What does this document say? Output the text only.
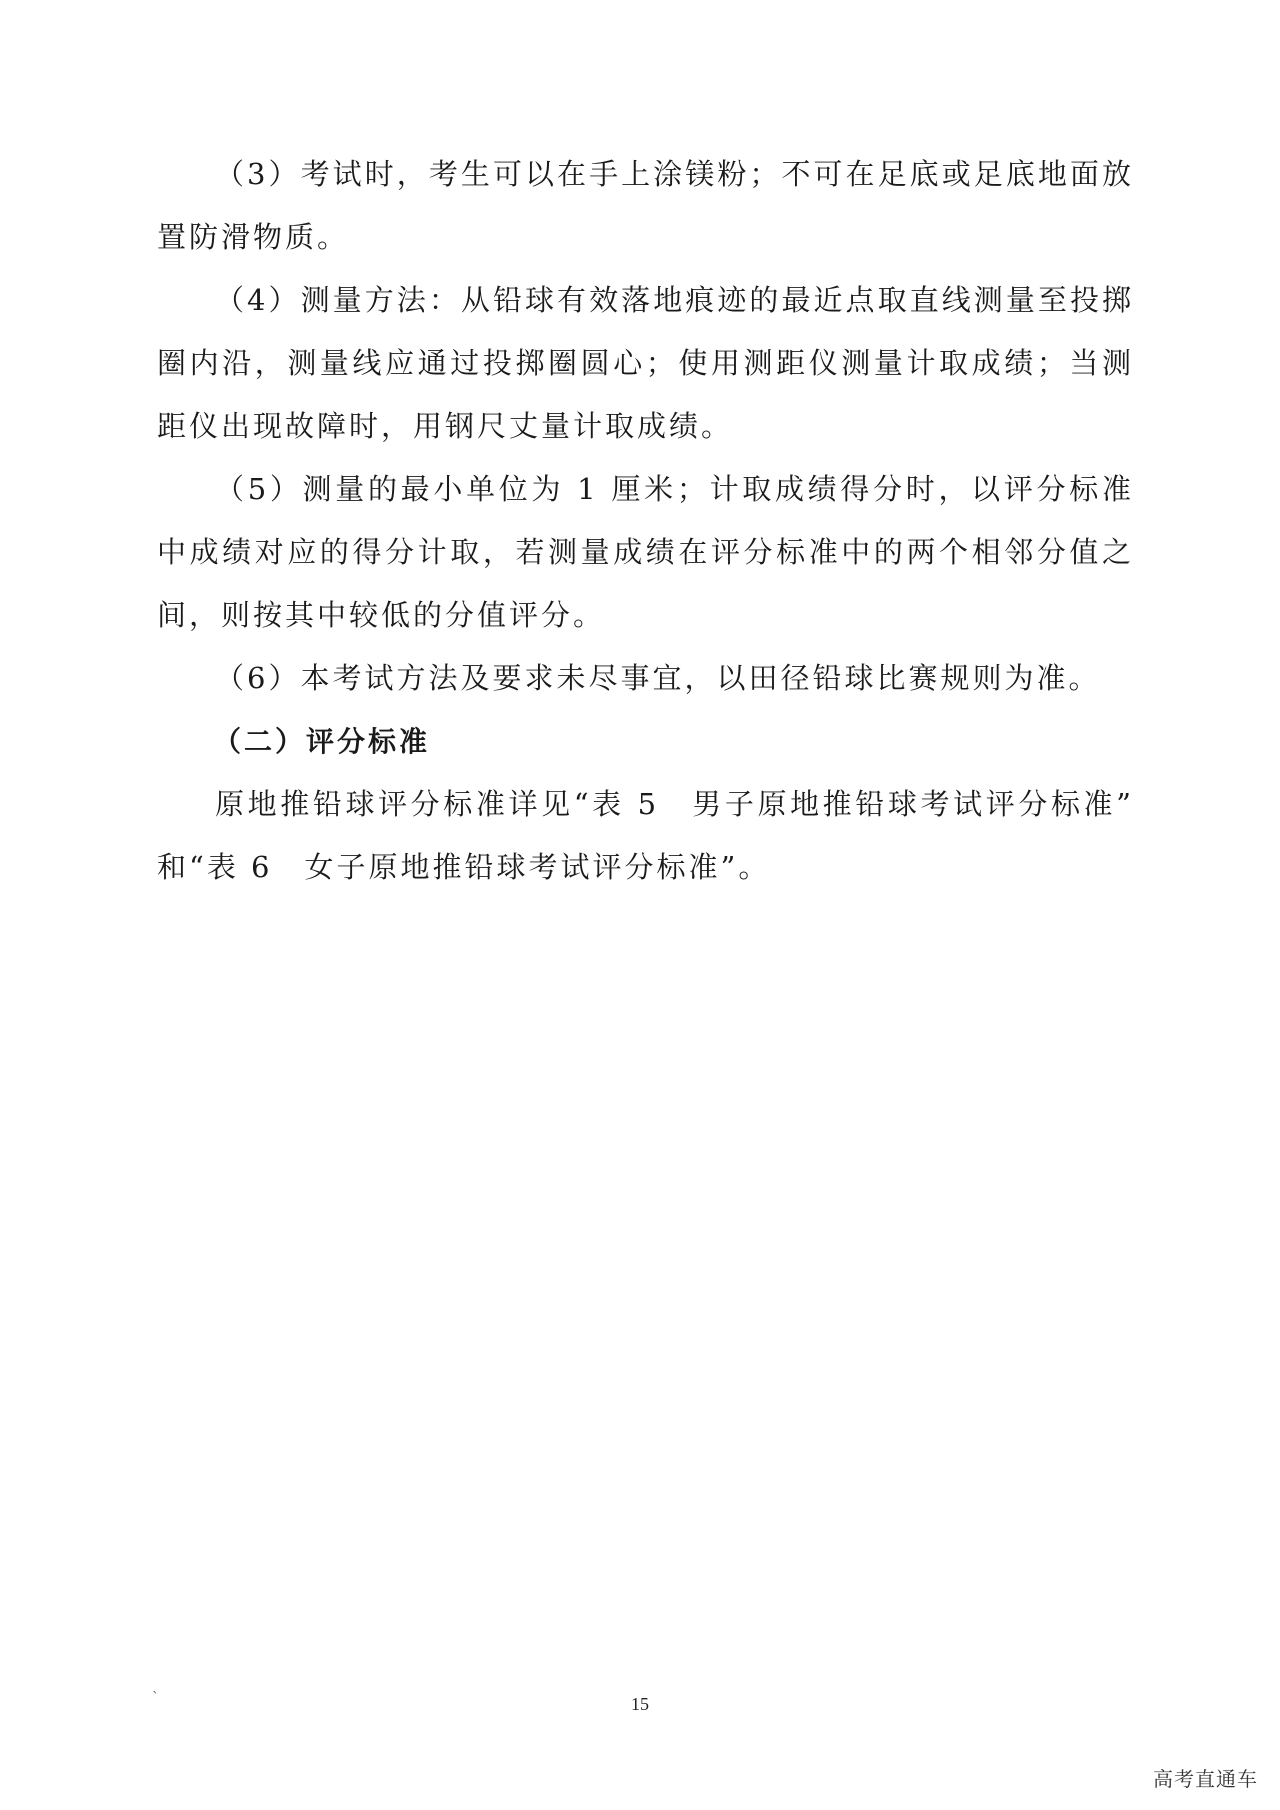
（3）考试时，考生可以在手上涂镁粉；不可在足底或足底地面放置防滑物质。

（4）测量方法：从铅球有效落地痕迹的最近点取直线测量至投掷圈内沿，测量线应通过投掷圈圆心；使用测距仪测量计取成绩；当测距仪出现故障时，用钢尺丈量计取成绩。

（5）测量的最小单位为 1 厘米；计取成绩得分时，以评分标准中成绩对应的得分计取，若测量成绩在评分标准中的两个相邻分值之间，则按其中较低的分值评分。

（6）本考试方法及要求未尽事宜，以田径铅球比赛规则为准。

（二）评分标准

原地推铅球评分标准详见“表 5　男子原地推铅球考试评分标准” 和“表 6　女子原地推铅球考试评分标准”。

`	15
高考直通车
